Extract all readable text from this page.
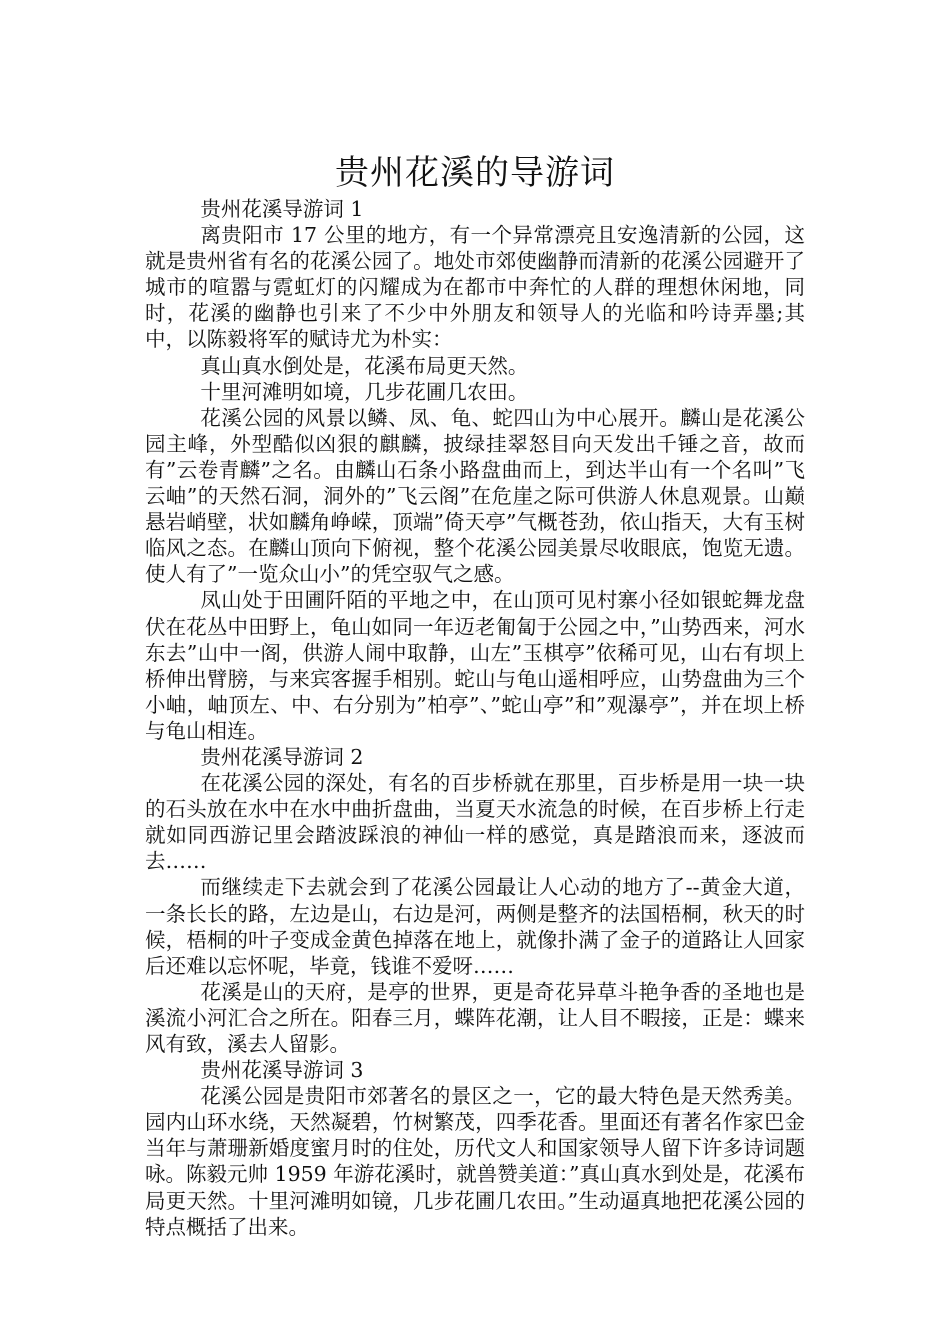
贵州花溪的导游词

贵州花溪导游词 1

离贵阳市 17 公里的地方，有一个异常漂亮且安逸清新的公园，这就是贵州省有名的花溪公园了。地处市郊使幽静而清新的花溪公园避开了城市的喧嚣与霓虹灯的闪耀成为在都市中奔忙的人群的理想休闲地，同时，花溪的幽静也引来了不少中外朋友和领导人的光临和吟诗弄墨;其中，以陈毅将军的赋诗尤为朴实：

真山真水倒处是，花溪布局更天然。

十里河滩明如境，几步花圃几农田。

花溪公园的风景以鳞、凤、龟、蛇四山为中心展开。麟山是花溪公园主峰，外型酷似凶狠的麒麟，披绿挂翠怒目向天发出千锤之音，故而有”云卷青麟”之名。由麟山石条小路盘曲而上，到达半山有一个名叫”飞云岫”的天然石洞，洞外的”飞云阁”在危崖之际可供游人休息观景。山巅悬岩峭壁，状如麟角峥嵘，顶端”倚天亭”气概苍劲，依山指天，大有玉树临风之态。在麟山顶向下俯视，整个花溪公园美景尽收眼底，饱览无遗。使人有了”一览众山小”的凭空驭气之感。

凤山处于田圃阡陌的平地之中，在山顶可见村寨小径如银蛇舞龙盘伏在花丛中田野上，龟山如同一年迈老匍匐于公园之中，”山势西来，河水东去”山中一阁，供游人闹中取静，山左”玉棋亭”依稀可见，山右有坝上桥伸出臂膀，与来宾客握手相别。蛇山与龟山遥相呼应，山势盘曲为三个小岫，岫顶左、中、右分别为”柏亭”、”蛇山亭”和”观瀑亭”，并在坝上桥与龟山相连。

贵州花溪导游词 2

在花溪公园的深处，有名的百步桥就在那里，百步桥是用一块一块的石头放在水中在水中曲折盘曲，当夏天水流急的时候，在百步桥上行走就如同西游记里会踏波踩浪的神仙一样的感觉，真是踏浪而来，逐波而去……

而继续走下去就会到了花溪公园最让人心动的地方了--黄金大道，一条长长的路，左边是山，右边是河，两侧是整齐的法国梧桐，秋天的时候，梧桐的叶子变成金黄色掉落在地上，就像扑满了金子的道路让人回家后还难以忘怀呢，毕竟，钱谁不爱呀……

花溪是山的天府，是亭的世界，更是奇花异草斗艳争香的圣地也是溪流小河汇合之所在。阳春三月，蝶阵花潮，让人目不暇接，正是：蝶来风有致，溪去人留影。

贵州花溪导游词 3

花溪公园是贵阳市郊著名的景区之一，它的最大特色是天然秀美。园内山环水绕，天然凝碧，竹树繁茂，四季花香。里面还有著名作家巴金当年与萧珊新婚度蜜月时的住处，历代文人和国家领导人留下许多诗词题咏。陈毅元帅 1959 年游花溪时，就兽赞美道：”真山真水到处是，花溪布局更天然。十里河滩明如镜，几步花圃几农田。”生动逼真地把花溪公园的特点概括了出来。
